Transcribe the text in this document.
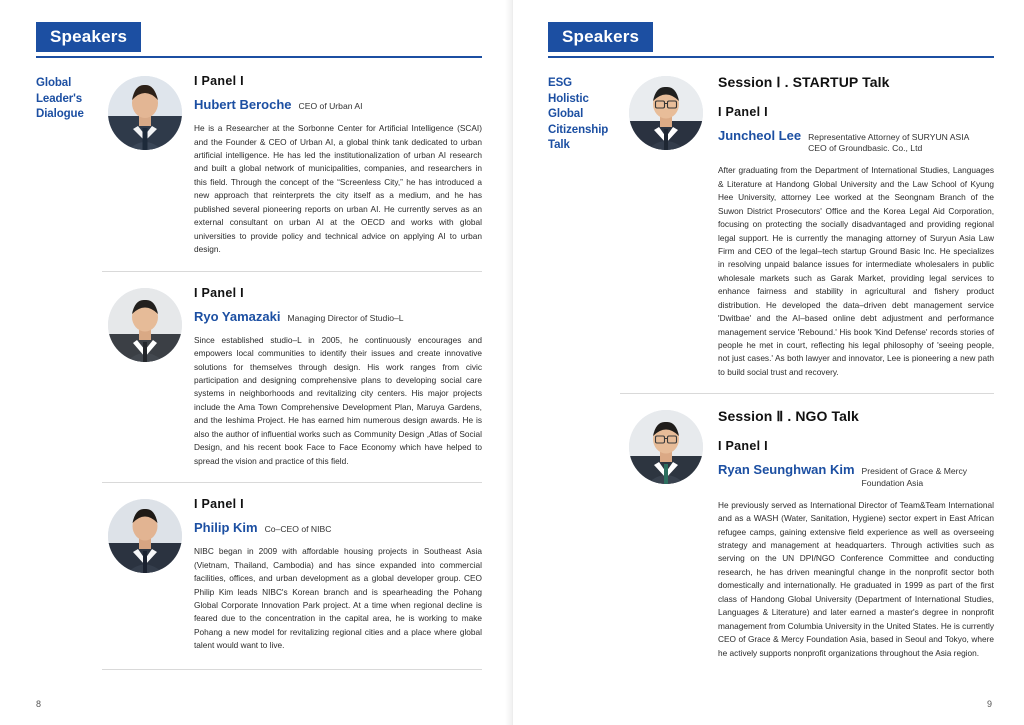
Speakers
Global
Leader's
Dialogue
I Panel I
Hubert Beroche CEO of Urban AI

He is a Researcher at the Sorbonne Center for Artificial Intelligence (SCAI) and the Founder & CEO of Urban AI, a global think tank dedicated to urban artificial intelligence. He has led the institutionalization of urban AI research and built a global network of municipalities, companies, and researchers in this field. Through the concept of the “Screenless City,” he has introduced a new approach that reinterprets the city itself as a medium, and he has published several pioneering reports on urban AI. He currently serves as an external consultant on urban AI at the OECD and works with global universities to provide policy and technical advice on applying AI to urban design.

I Panel I
Ryo Yamazaki Managing Director of Studio–L

Since established studio–L in 2005, he continuously encourages and empowers local communities to identify their issues and create innovative solutions for themselves through design. His work ranges from civic participation and designing comprehensive plans to developing social care systems in neighborhoods and revitalizing city centers. His major projects include the Ama Town Comprehensive Development Plan, Maruya Gardens, and the Ieshima Project. He has earned him numerous design awards. He is also the author of influential works such as Community Design ,Atlas of Social Design, and his recent book Face to Face Economy which have helped to spread the vision and practice of this field.

I Panel I
Philip Kim Co–CEO of NIBC

NIBC began in 2009 with affordable housing projects in Southeast Asia (Vietnam, Thailand, Cambodia) and has since expanded into commercial facilities, offices, and urban development as a global developer group. CEO Philip Kim leads NIBC's Korean branch and is spearheading the Pohang Global Corporate Innovation Park project. At a time when regional decline is feared due to the concentration in the capital area, he is working to make Pohang a new model for revitalizing regional cities and a place where global talent would want to live.

8
Speakers
ESG
Holistic
Global
Citizenship
Talk
Session Ⅰ . STARTUP Talk
I Panel I
Juncheol Lee Representative Attorney of SURYUN ASIA
CEO of Groundbasic. Co., Ltd

After graduating from the Department of International Studies, Languages & Literature at Handong Global University and the Law School of Kyung Hee University, attorney Lee worked at the Seongnam Branch of the Suwon District Prosecutors' Office and the Korea Legal Aid Corporation, focusing on protecting the socially disadvantaged and providing regional legal support. He is currently the managing attorney of Suryun Asia Law Firm and CEO of the legal–tech startup Ground Basic Inc. He specializes in resolving unpaid balance issues for intermediate wholesalers in public wholesale markets such as Garak Market, providing legal services to enhance fairness and stability in agricultural and fishery product distribution. He developed the data–driven debt management service 'Dwitbae' and the AI–based online debt adjustment and performance management service 'Rebound.' His book 'Kind Defense' records stories of people he met in court, reflecting his legal philosophy of 'seeing people, not just cases.' As both lawyer and innovator, Lee is pioneering a new path to build social trust and recovery.

Session Ⅱ . NGO Talk
I Panel I
Ryan Seunghwan Kim President of Grace & Mercy
Foundation Asia

He previously served as International Director of Team&Team International and as a WASH (Water, Sanitation, Hygiene) sector expert in East African refugee camps, gaining extensive field experience as well as overseeing strategy and management at headquarters. Through activities such as serving on the UN DPI/NGO Conference Committee and conducting research, he has driven meaningful change in the nonprofit sector both domestically and internationally. He graduated in 1999 as part of the first class of Handong Global University (Department of International Studies, Languages & Literature) and later earned a master's degree in nonprofit management from Columbia University in the United States. He is currently CEO of Grace & Mercy Foundation Asia, based in Seoul and Tokyo, where he actively supports nonprofit organizations throughout the Asia region.

9
